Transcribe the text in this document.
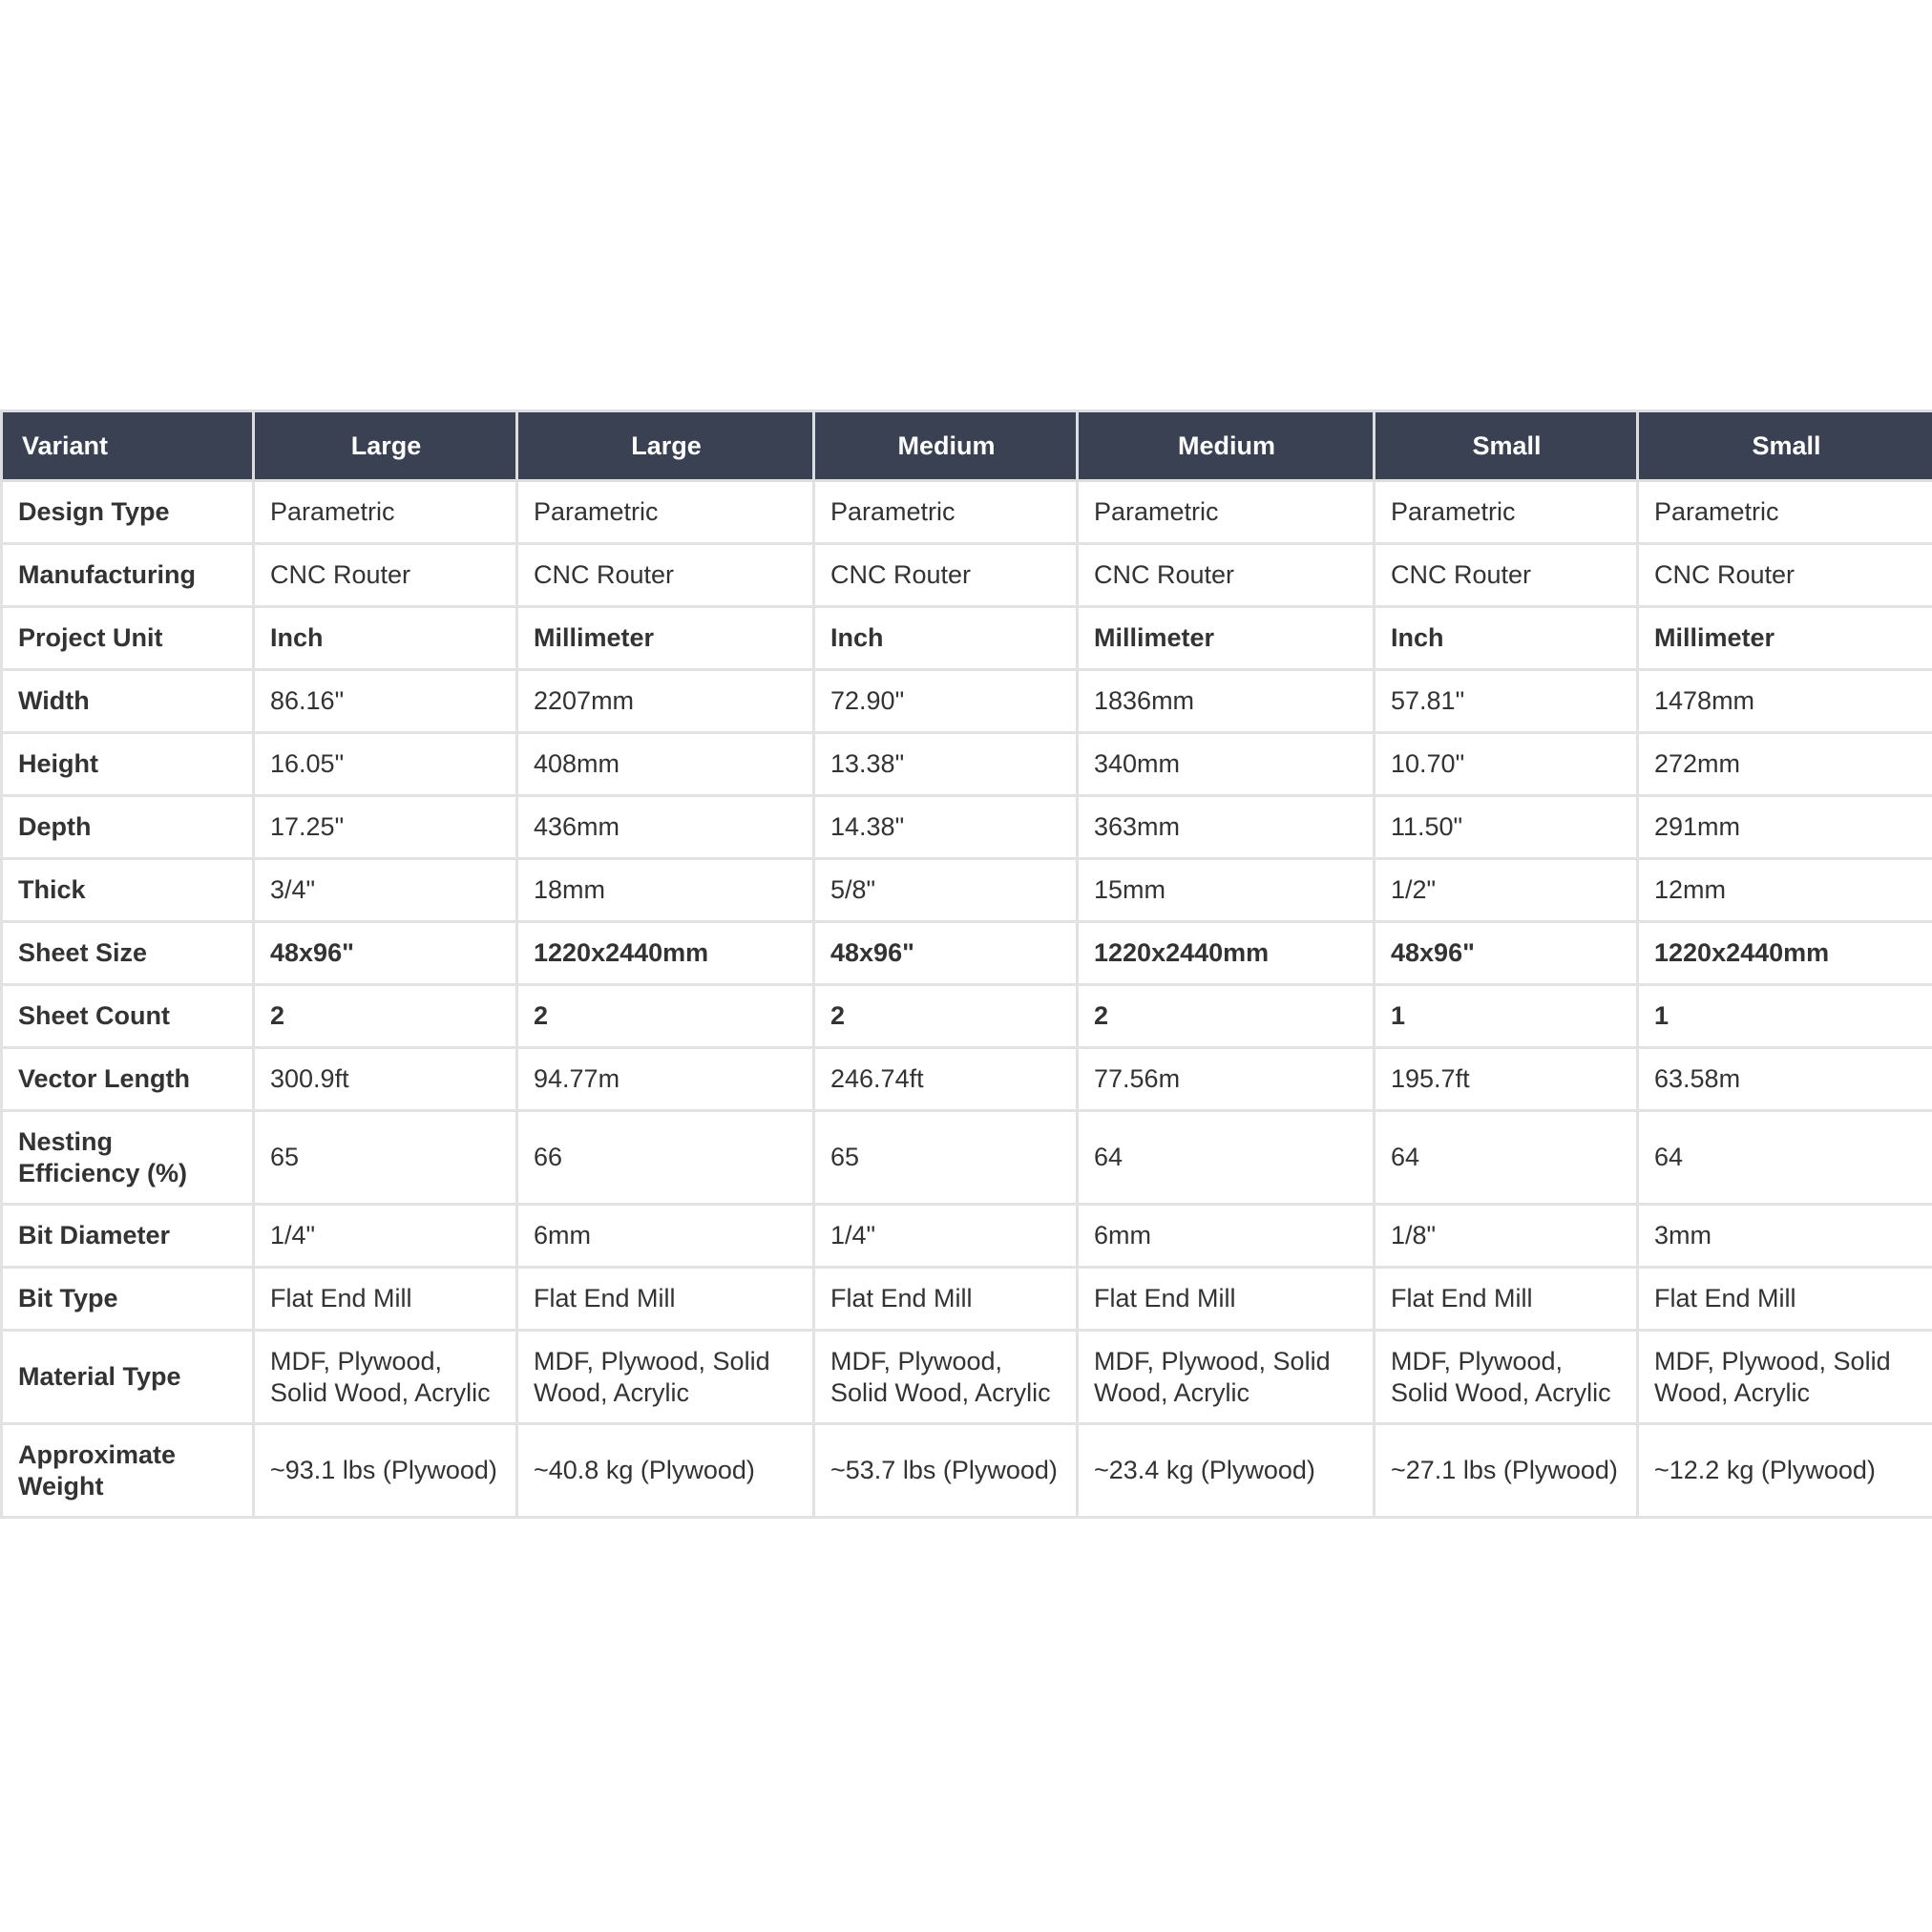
Variant	Large	Large	Medium	Medium	Small	Small
Design Type	Parametric	Parametric	Parametric	Parametric	Parametric	Parametric
Manufacturing	CNC Router	CNC Router	CNC Router	CNC Router	CNC Router	CNC Router
Project Unit	Inch	Millimeter	Inch	Millimeter	Inch	Millimeter
Width	86.16"	2207mm	72.90"	1836mm	57.81"	1478mm
Height	16.05"	408mm	13.38"	340mm	10.70"	272mm
Depth	17.25"	436mm	14.38"	363mm	11.50"	291mm
Thick	3/4"	18mm	5/8"	15mm	1/2"	12mm
Sheet Size	48x96"	1220x2440mm	48x96"	1220x2440mm	48x96"	1220x2440mm
Sheet Count	2	2	2	2	1	1
Vector Length	300.9ft	94.77m	246.74ft	77.56m	195.7ft	63.58m
Nesting Efficiency (%)	65	66	65	64	64	64
Bit Diameter	1/4"	6mm	1/4"	6mm	1/8"	3mm
Bit Type	Flat End Mill	Flat End Mill	Flat End Mill	Flat End Mill	Flat End Mill	Flat End Mill
Material Type	MDF, Plywood, Solid Wood, Acrylic	MDF, Plywood, Solid Wood, Acrylic	MDF, Plywood, Solid Wood, Acrylic	MDF, Plywood, Solid Wood, Acrylic	MDF, Plywood, Solid Wood, Acrylic	MDF, Plywood, Solid Wood, Acrylic
Approximate Weight	~93.1 lbs (Plywood)	~40.8 kg (Plywood)	~53.7 lbs (Plywood)	~23.4 kg (Plywood)	~27.1 lbs (Plywood)	~12.2 kg (Plywood)
